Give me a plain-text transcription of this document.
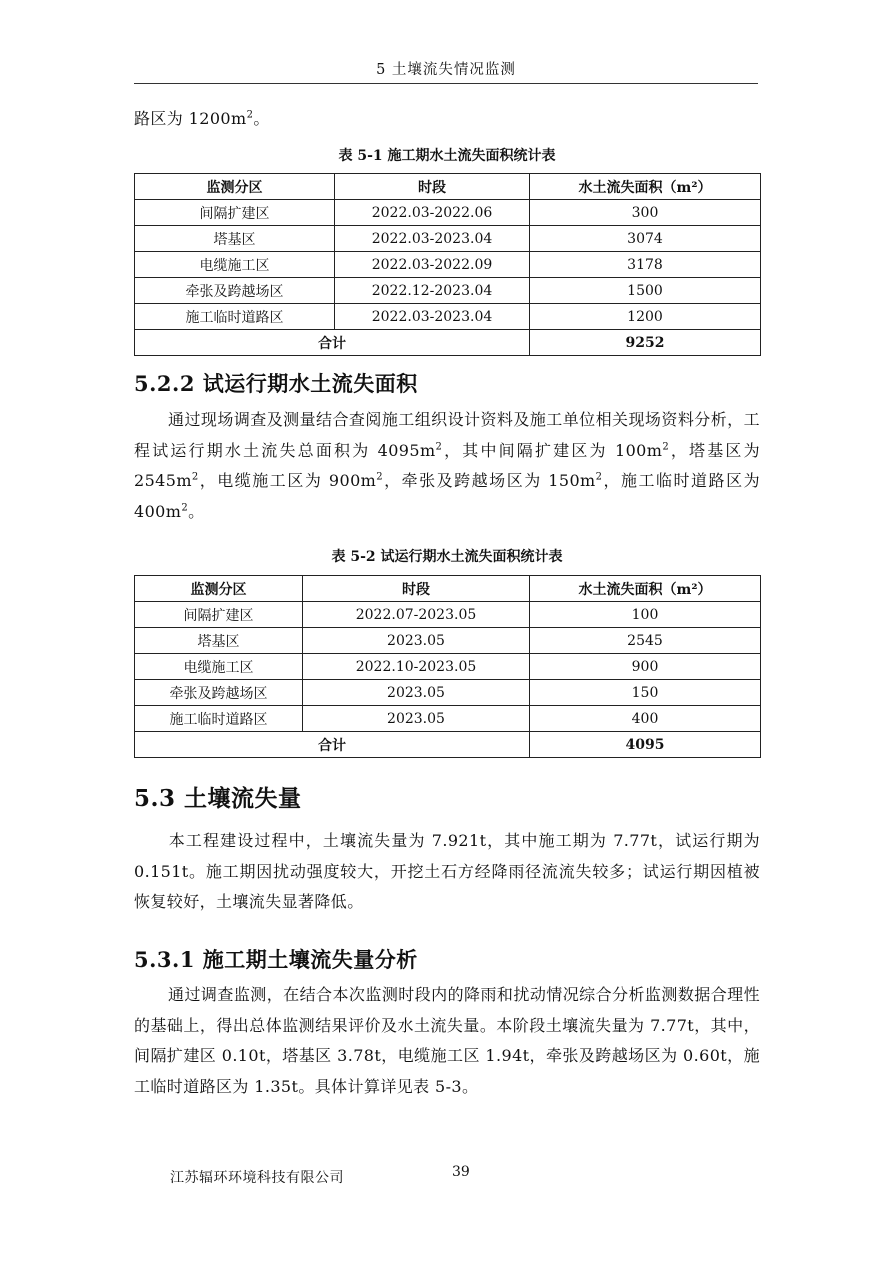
5 土壤流失情况监测
路区为 $1200m^2$。
表 5-1 施工期水土流失面积统计表
监测分区	时段	水土流失面积（m²）
间隔扩建区	2022.03-2022.06	300
塔基区	2022.03-2023.04	3074
电缆施工区	2022.03-2022.09	3178
牵张及跨越场区	2022.12-2023.04	1500
施工临时道路区	2022.03-2023.04	1200
合计		9252
5.2.2 试运行期水土流失面积
通过现场调查及测量结合查阅施工组织设计资料及施工单位相关现场资料分析，工程试运行期水土流失总面积为 $4095m^2$，其中间隔扩建区为 $100m^2$，塔基区为 $2545m^2$，电缆施工区为 $900m^2$，牵张及跨越场区为 $150m^2$，施工临时道路区为 $400m^2$。
表 5-2 试运行期水土流失面积统计表
监测分区	时段	水土流失面积（m²）
间隔扩建区	2022.07-2023.05	100
塔基区	2023.05	2545
电缆施工区	2022.10-2023.05	900
牵张及跨越场区	2023.05	150
施工临时道路区	2023.05	400
合计		4095
5.3 土壤流失量
本工程建设过程中，土壤流失量为 7.921t，其中施工期为 7.77t，试运行期为 0.151t。施工期因扰动强度较大，开挖土石方经降雨径流流失较多；试运行期因植被恢复较好，土壤流失显著降低。
5.3.1 施工期土壤流失量分析
通过调查监测，在结合本次监测时段内的降雨和扰动情况综合分析监测数据合理性的基础上，得出总体监测结果评价及水土流失量。本阶段土壤流失量为 7.77t，其中，间隔扩建区 0.10t，塔基区 3.78t，电缆施工区 1.94t，牵张及跨越场区为 0.60t，施工临时道路区为 1.35t。具体计算详见表 5-3。
江苏辐环环境科技有限公司	39
